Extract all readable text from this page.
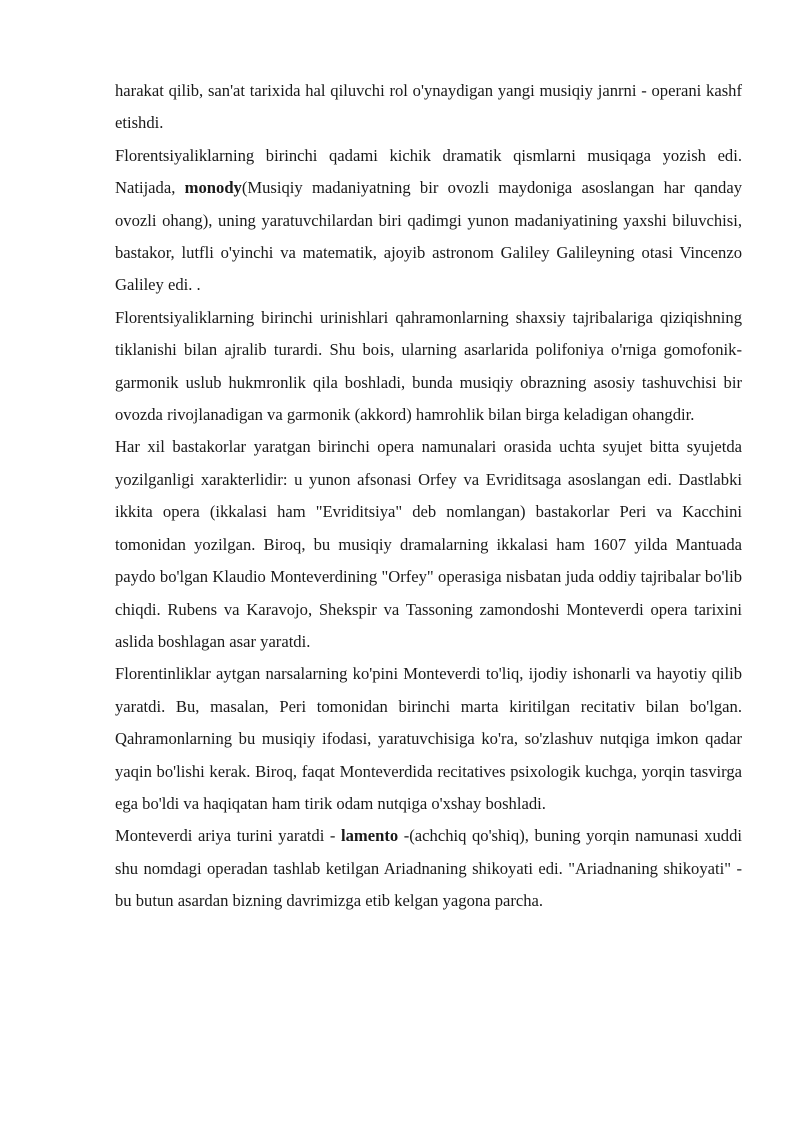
harakat qilib, san'at tarixida hal qiluvchi rol o'ynaydigan yangi musiqiy janrni - operani kashf etishdi.

Florentsiyaliklarning birinchi qadami kichik dramatik qismlarni musiqaga yozish edi. Natijada, monody(Musiqiy madaniyatning bir ovozli maydoniga asoslangan har qanday ovozli ohang), uning yaratuvchilardan biri qadimgi yunon madaniyatining yaxshi biluvchisi, bastakor, lutfli o'yinchi va matematik, ajoyib astronom Galiley Galileyning otasi Vincenzo Galiley edi. .

Florentsiyaliklarning birinchi urinishlari qahramonlarning shaxsiy tajribalariga qiziqishning tiklanishi bilan ajralib turardi. Shu bois, ularning asarlarida polifoniya o'rniga gomofonik-garmonik uslub hukmronlik qila boshladi, bunda musiqiy obrazning asosiy tashuvchisi bir ovozda rivojlanadigan va garmonik (akkord) hamrohlik bilan birga keladigan ohangdir.

Har xil bastakorlar yaratgan birinchi opera namunalari orasida uchta syujet bitta syujetda yozilganligi xarakterlidir: u yunon afsonasi Orfey va Evriditsaga asoslangan edi. Dastlabki ikkita opera (ikkalasi ham "Evriditsiya" deb nomlangan) bastakorlar Peri va Kacchini tomonidan yozilgan. Biroq, bu musiqiy dramalarning ikkalasi ham 1607 yilda Mantuada paydo bo'lgan Klaudio Monteverdining "Orfey" operasiga nisbatan juda oddiy tajribalar bo'lib chiqdi. Rubens va Karavojo, Shekspir va Tassoning zamondoshi Monteverdi opera tarixini aslida boshlagan asar yaratdi.

Florentinliklar aytgan narsalarning ko'pini Monteverdi to'liq, ijodiy ishonarli va hayotiy qilib yaratdi. Bu, masalan, Peri tomonidan birinchi marta kiritilgan recitativ bilan bo'lgan. Qahramonlarning bu musiqiy ifodasi, yaratuvchisiga ko'ra, so'zlashuv nutqiga imkon qadar yaqin bo'lishi kerak. Biroq, faqat Monteverdida recitatives psixologik kuchga, yorqin tasvirga ega bo'ldi va haqiqatan ham tirik odam nutqiga o'xshay boshladi.

Monteverdi ariya turini yaratdi - lamento -(achchiq qo'shiq), buning yorqin namunasi xuddi shu nomdagi operadan tashlab ketilgan Ariadnaning shikoyati edi. "Ariadnaning shikoyati" - bu butun asardan bizning davrimizga etib kelgan yagona parcha.
